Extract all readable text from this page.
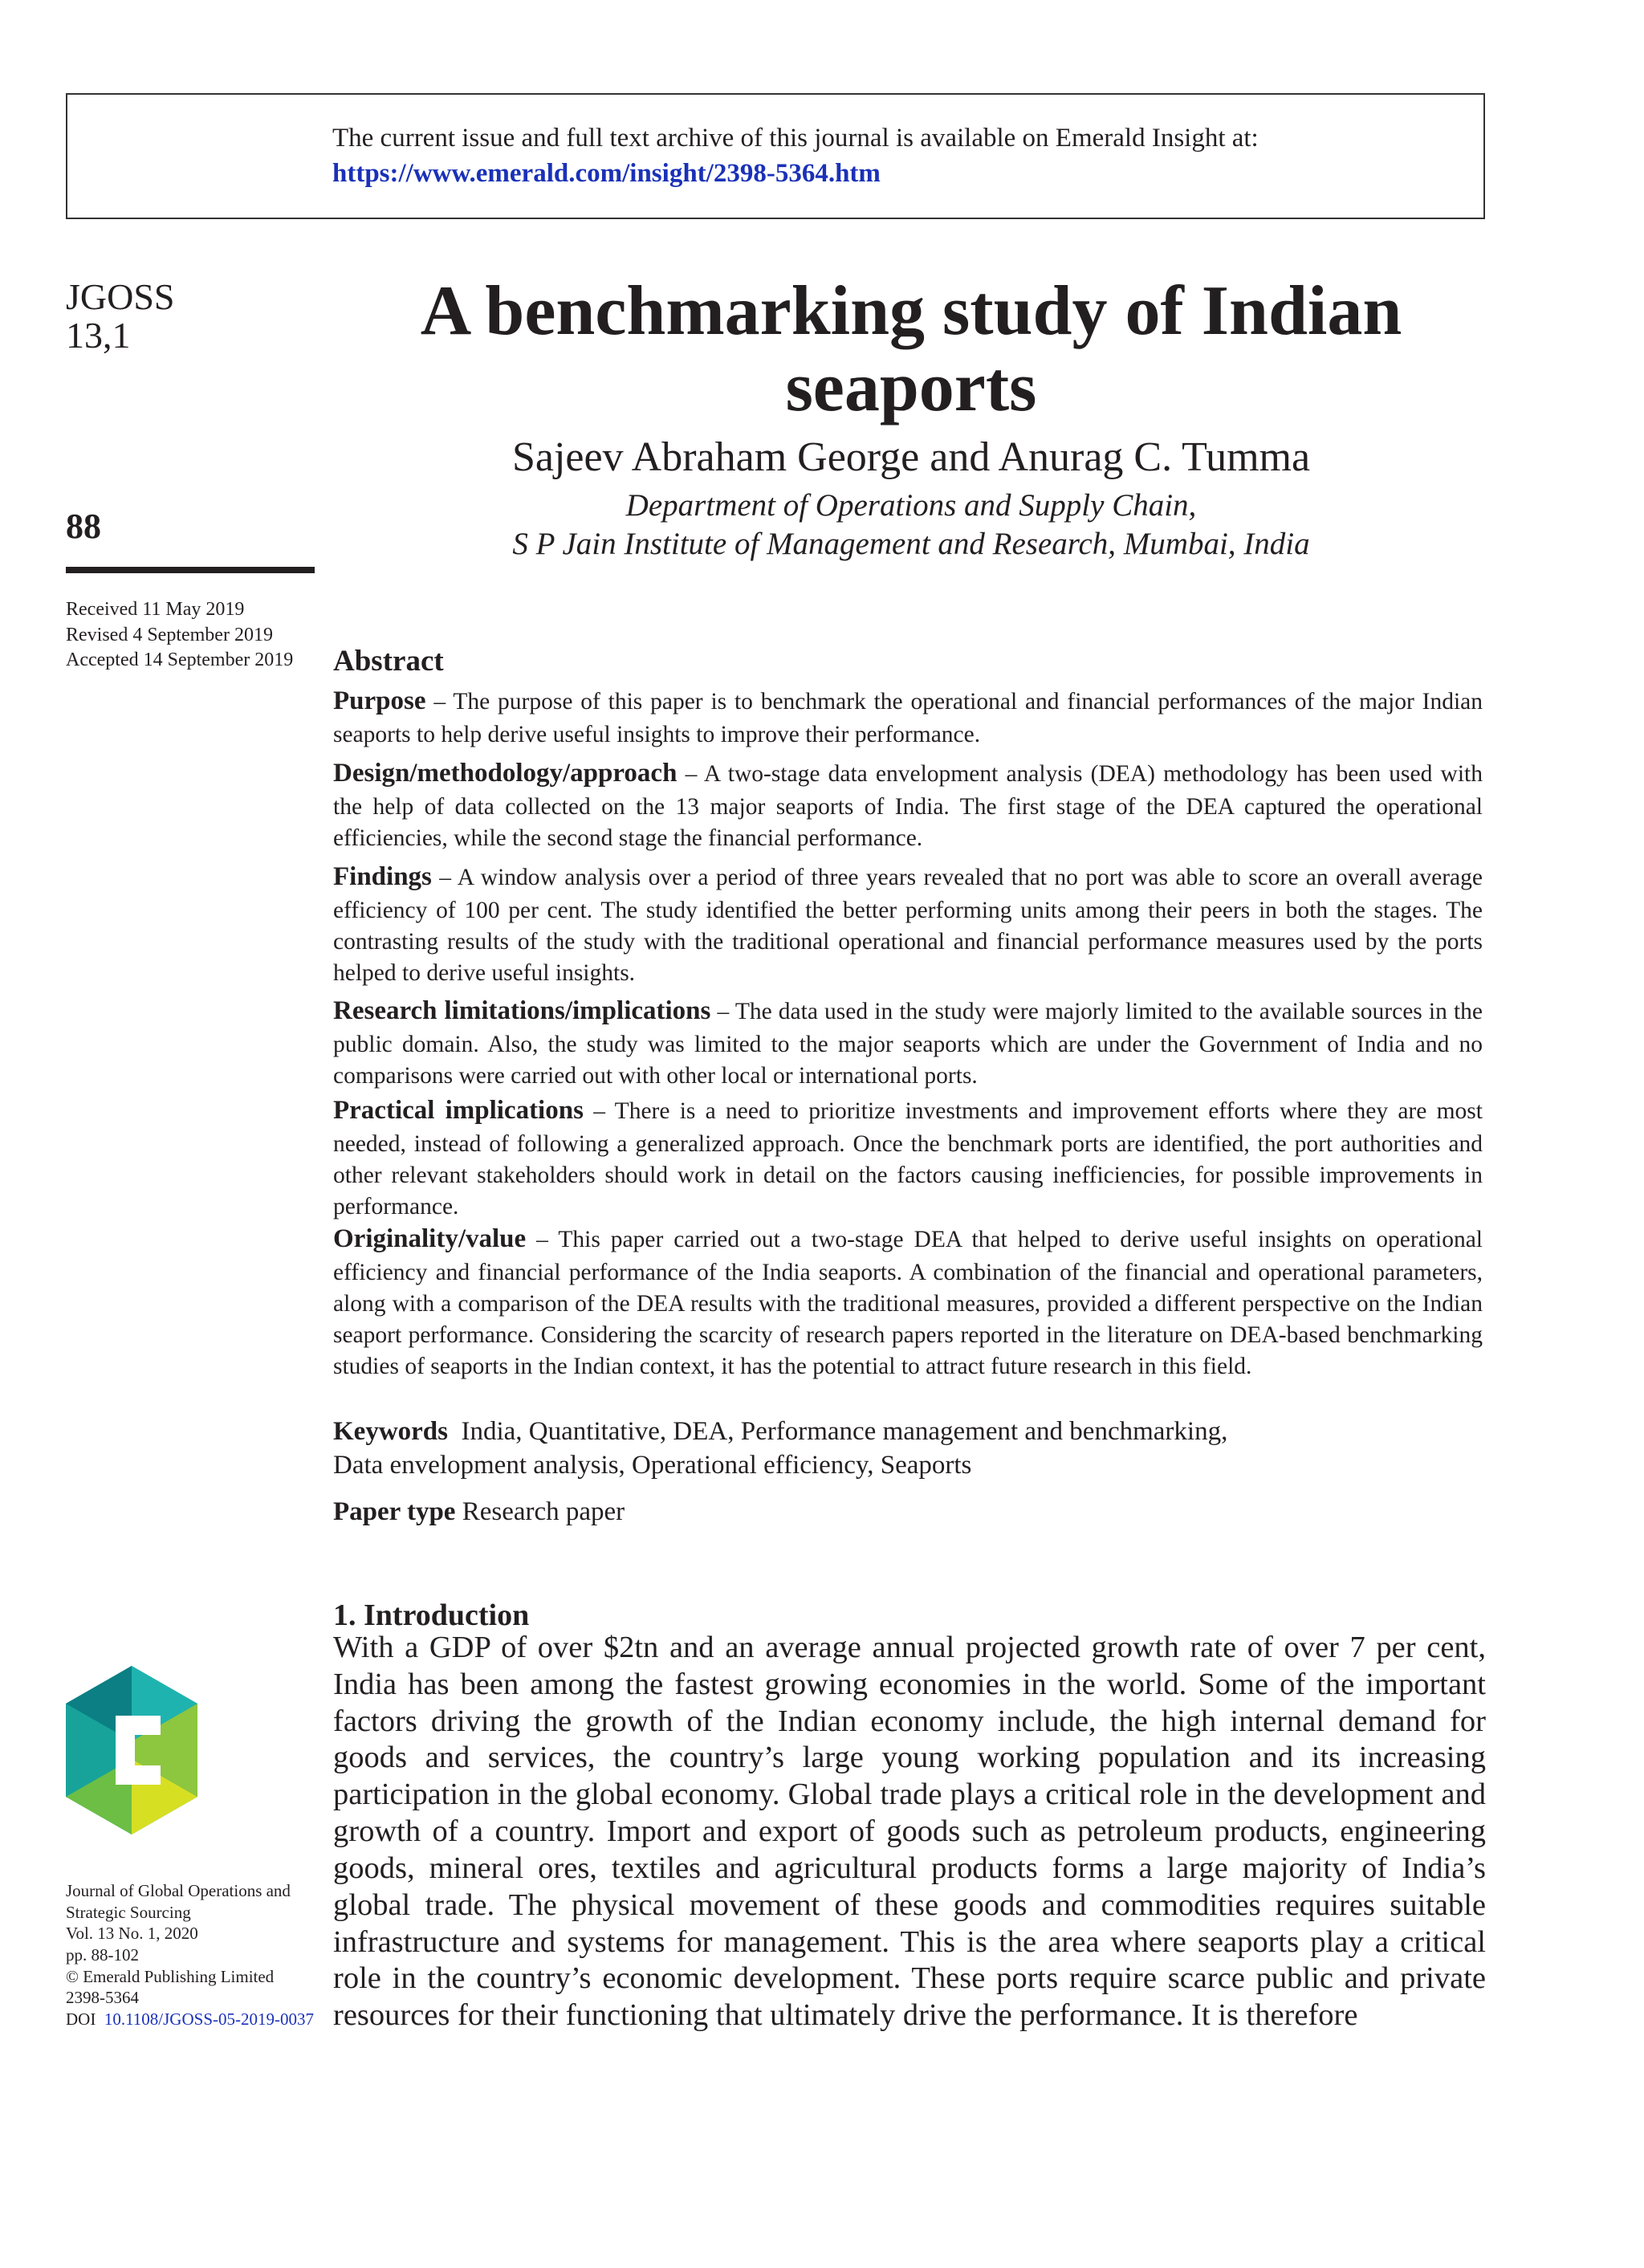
The current issue and full text archive of this journal is available on Emerald Insight at:
https://www.emerald.com/insight/2398-5364.htm
JGOSS
13,1
88
Received 11 May 2019
Revised 4 September 2019
Accepted 14 September 2019
A benchmarking study of Indian
seaports
Sajeev Abraham George and Anurag C. Tumma
Department of Operations and Supply Chain,
S P Jain Institute of Management and Research, Mumbai, India
Abstract
Purpose – The purpose of this paper is to benchmark the operational and financial performances of the major Indian seaports to help derive useful insights to improve their performance.
Design/methodology/approach – A two-stage data envelopment analysis (DEA) methodology has been used with the help of data collected on the 13 major seaports of India. The first stage of the DEA captured the operational efficiencies, while the second stage the financial performance.
Findings – A window analysis over a period of three years revealed that no port was able to score an overall average efficiency of 100 per cent. The study identified the better performing units among their peers in both the stages. The contrasting results of the study with the traditional operational and financial performance measures used by the ports helped to derive useful insights.
Research limitations/implications – The data used in the study were majorly limited to the available sources in the public domain. Also, the study was limited to the major seaports which are under the Government of India and no comparisons were carried out with other local or international ports.
Practical implications – There is a need to prioritize investments and improvement efforts where they are most needed, instead of following a generalized approach. Once the benchmark ports are identified, the port authorities and other relevant stakeholders should work in detail on the factors causing inefficiencies, for possible improvements in performance.
Originality/value – This paper carried out a two-stage DEA that helped to derive useful insights on operational efficiency and financial performance of the India seaports. A combination of the financial and operational parameters, along with a comparison of the DEA results with the traditional measures, provided a different perspective on the Indian seaport performance. Considering the scarcity of research papers reported in the literature on DEA-based benchmarking studies of seaports in the Indian context, it has the potential to attract future research in this field.
Keywords India, Quantitative, DEA, Performance management and benchmarking,
Data envelopment analysis, Operational efficiency, Seaports
Paper type Research paper
1. Introduction
With a GDP of over $2tn and an average annual projected growth rate of over 7 per cent, India has been among the fastest growing economies in the world. Some of the important factors driving the growth of the Indian economy include, the high internal demand for goods and services, the country’s large young working population and its increasing participation in the global economy. Global trade plays a critical role in the development and growth of a country. Import and export of goods such as petroleum products, engineering goods, mineral ores, textiles and agricultural products forms a large majority of India’s global trade. The physical movement of these goods and commodities requires suitable infrastructure and systems for management. This is the area where seaports play a critical role in the country’s economic development. These ports require scarce public and private resources for their functioning that ultimately drive the performance. It is therefore
Journal of Global Operations and
Strategic Sourcing
Vol. 13 No. 1, 2020
pp. 88-102
© Emerald Publishing Limited
2398-5364
DOI 10.1108/JGOSS-05-2019-0037
